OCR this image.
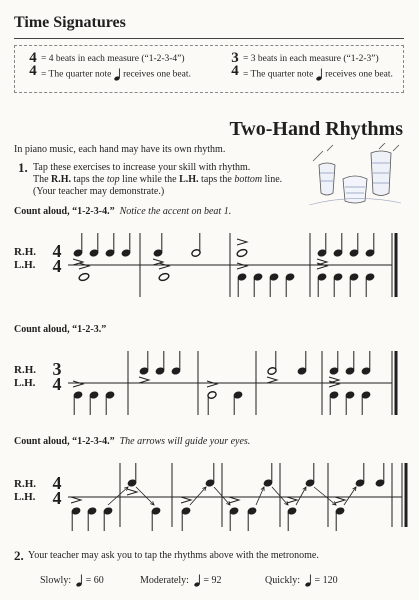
Time Signatures
4
4
= 4 beats in each measure (“1-2-3-4”)
= The quarter note receives one beat.
3
4
= 3 beats in each measure (“1-2-3”)
= The quarter note receives one beat.
Two-Hand Rhythms
In piano music, each hand may have its own rhythm.
1. Tap these exercises to increase your skill with rhythm.
The R.H. taps the top line while the L.H. taps the bottom line.
(Your teacher may demonstrate.)
Count aloud, “1-2-3-4.” Notice the accent on beat 1.
R.H.
L.H.
4
4
Count aloud, “1-2-3.”
R.H.
L.H.
3
4
Count aloud, “1-2-3-4.” The arrows will guide your eyes.
R.H.
L.H.
4
4
2. Your teacher may ask you to tap the rhythms above with the metronome.
Slowly: = 60	Moderately: = 92	Quickly: = 120
